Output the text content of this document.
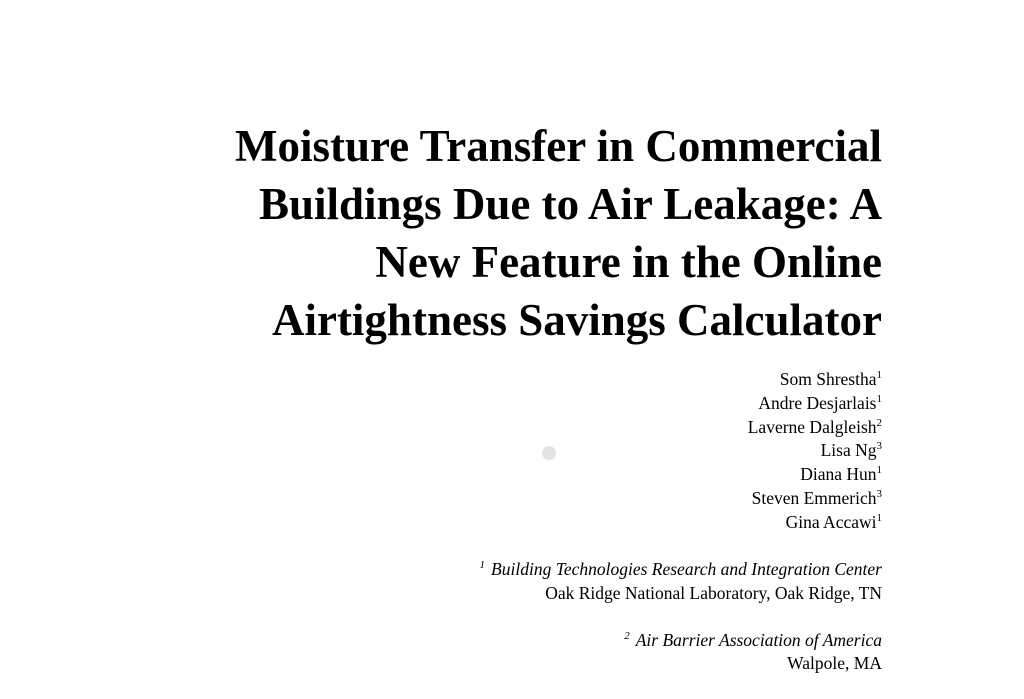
Moisture Transfer in Commercial
Buildings Due to Air Leakage: A
New Feature in the Online
Airtightness Savings Calculator
Som Shrestha$^1$
Andre Desjarlais$^1$
Laverne Dalgleish$^2$
Lisa Ng$^3$
Diana Hun$^1$
Steven Emmerich$^3$
Gina Accawi$^1$
$^1$ Building Technologies Research and Integration Center
Oak Ridge National Laboratory, Oak Ridge, TN
$^2$ Air Barrier Association of America
Walpole, MA
